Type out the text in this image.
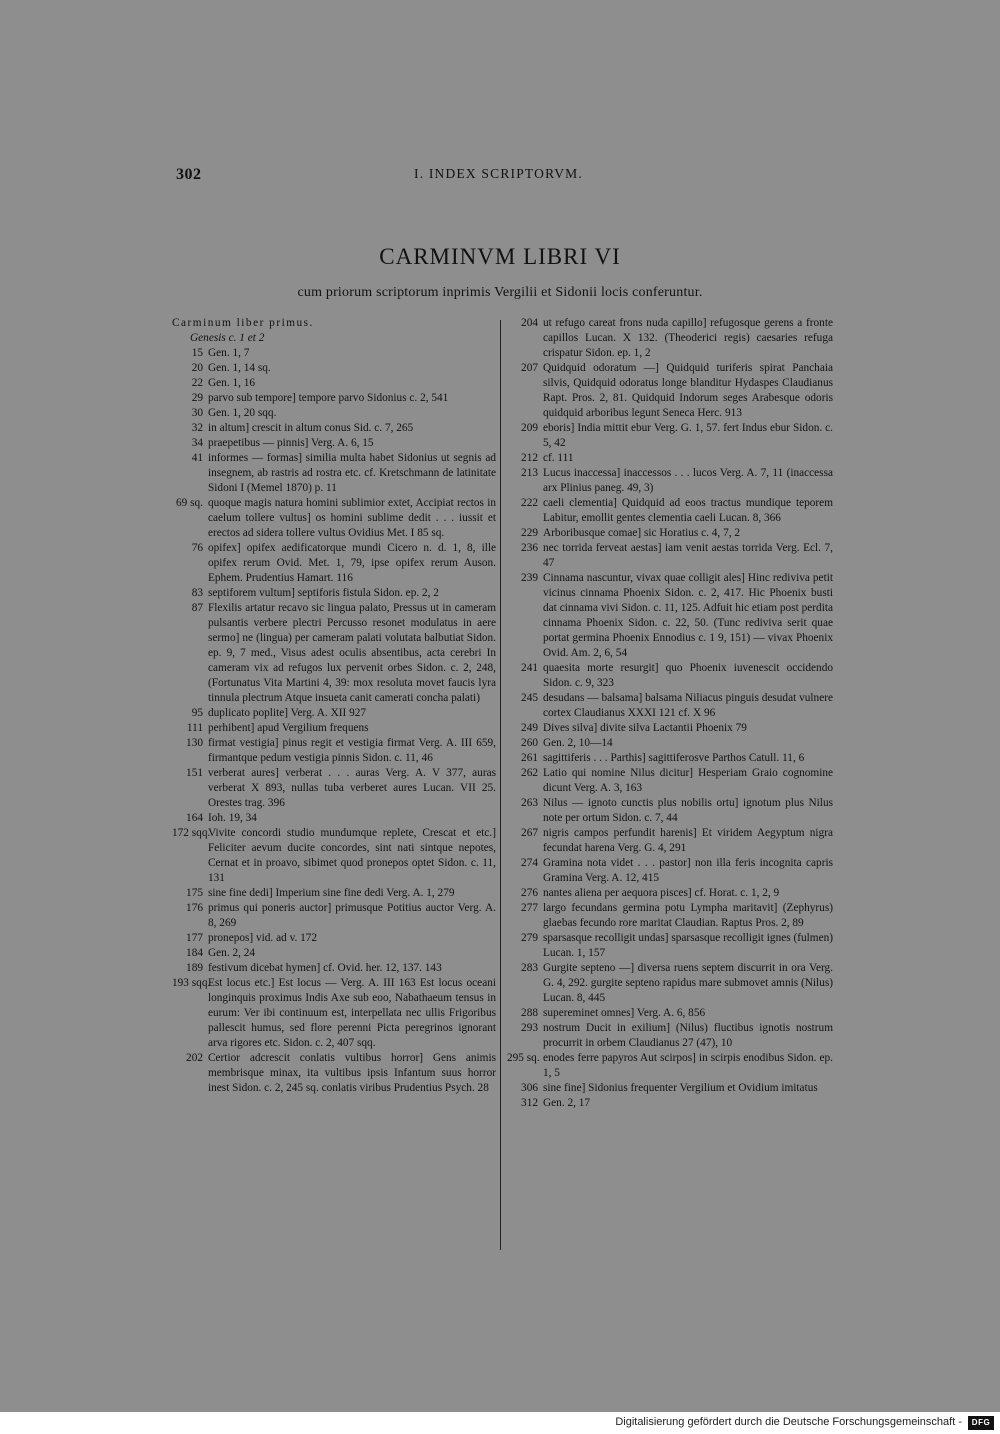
302	I. INDEX SCRIPTORVM.
CARMINVM LIBRI VI
cum priorum scriptorum inprimis Vergilii et Sidonii locis conferuntur.
Carminum liber primus.
Genesis c. 1 et 2
15 Gen. 1, 7
20 Gen. 1, 14 sq.
22 Gen. 1, 16
29 parvo sub tempore] tempore parvo Sidonius c. 2, 541
30 Gen. 1, 20 sqq.
32 in altum] crescit in altum conus Sid. c. 7, 265
34 praepetibus — pinnis] Verg. A. 6, 15
41 informes — formas] similia multa habet Sidonius ut segnis ad insegnem, ab rastris ad rostra etc. cf. Kretschmann de latinitate Sidoni I (Memel 1870) p. 11
69 sq. quoque magis natura homini sublimior extet, Accipiat rectos in caelum tollere vultus] os homini sublime dedit . . . iussit et erectos ad sidera tollere vultus Ovidius Met. I 85 sq.
76 opifex] opifex aedificatorque mundi Cicero n. d. 1, 8, ille opifex rerum Ovid. Met. 1, 79, ipse opifex rerum Auson. Ephem. Prudentius Hamart. 116
83 septiforem vultum] septiforis fistula Sidon. ep. 2, 2
87 Flexilis artatur recavo sic lingua palato, Pressus ut in cameram pulsantis verbere plectri Percusso resonet modulatus in aere sermo] ne (lingua) per cameram palati volutata balbutiat Sidon. ep. 9, 7 med., Visus adest oculis absentibus, acta cerebri In cameram vix ad refugos lux pervenit orbes Sidon. c. 2, 248, (Fortunatus Vita Martini 4, 39: mox resoluta movet faucis lyra tinnula plectrum Atque insueta canit camerati concha palati)
95 duplicato poplite] Verg. A. XII 927
111 perhibent] apud Vergilium frequens
130 firmat vestigia] pinus regit et vestigia firmat Verg. A. III 659, firmantque pedum vestigia pinnis Sidon. c. 11, 46
151 verberat aures] verberat . . . auras Verg. A. V 377, auras verberat X 893, nullas tuba verberet aures Lucan. VII 25. Orestes trag. 396
164 Ioh. 19, 34
172 sqq.
Vivite concordi studio mundumque replete, Crescat et etc.] Feliciter aevum ducite concordes, sint nati sintque nepotes, Cernat et in proavo, sibimet quod pronepos optet Sidon. c. 11, 131
175 sine fine dedi] Imperium sine fine dedi Verg. A. 1, 279
176 primus qui poneris auctor] primusque Potitius auctor Verg. A. 8, 269
177 pronepos] vid. ad v. 172
184 Gen. 2, 24
189 festivum dicebat hymen] cf. Ovid. her. 12, 137. 143
193 sqq.
Est locus etc.] Est locus — Verg. A. III 163 Est locus oceani longinquis proximus Indis Axe sub eoo, Nabathaeum tensus in eurum: Ver ibi continuum est, interpellata nec ullis Frigoribus pallescit humus, sed flore perenni Picta peregrinos ignorant arva rigores etc. Sidon. c. 2, 407 sqq.
202 Certior adcrescit conlatis vultibus horror] Gens animis membrisque minax, ita vultibus ipsis Infantum suus horror inest Sidon. c. 2, 245 sq. conlatis viribus Prudentius Psych. 28
204 ut refugo careat frons nuda capillo] refugosque gerens a fronte capillos Lucan. X 132. (Theoderici regis) caesaries refuga crispatur Sidon. ep. 1, 2
207 Quidquid odoratum —] Quidquid turiferis spirat Panchaia silvis, Quidquid odoratus longe blanditur Hydaspes Claudianus Rapt. Pros. 2, 81. Quidquid Indorum seges Arabesque odoris quidquid arboribus legunt Seneca Herc. 913
209 eboris] India mittit ebur Verg. G. 1, 57. fert Indus ebur Sidon. c. 5, 42
212 cf. 111
213 Lucus inaccessa] inaccessos . . . lucos Verg. A. 7, 11 (inaccessa arx Plinius paneg. 49, 3)
222 caeli clementia] Quidquid ad eoos tractus mundique teporem Labitur, emollit gentes clementia caeli Lucan. 8, 366
229 Arboribusque comae] sic Horatius c. 4, 7, 2
236 nec torrida ferveat aestas] iam venit aestas torrida Verg. Ecl. 7, 47
239 Cinnama nascuntur, vivax quae colligit ales] Hinc rediviva petit vicinus cinnama Phoenix Sidon. c. 2, 417. Hic Phoenix busti dat cinnama vivi Sidon. c. 11, 125. Adfuit hic etiam post perdita cinnama Phoenix Sidon. c. 22, 50. (Tunc rediviva serit quae portat germina Phoenix Ennodius c. 1 9, 151) — vivax Phoenix Ovid. Am. 2, 6, 54
241 quaesita morte resurgit] quo Phoenix iuvenescit occidendo Sidon. c. 9, 323
245 desudans — balsama] balsama Niliacus pinguis desudat vulnere cortex Claudianus XXXI 121 cf. X 96
249 Dives silva] divite silva Lactantii Phoenix 79
260 Gen. 2, 10—14
261 sagittiferis . . . Parthis] sagittiferosve Parthos Catull. 11, 6
262 Latio qui nomine Nilus dicitur] Hesperiam Graio cognomine dicunt Verg. A. 3, 163
263 Nilus — ignoto cunctis plus nobilis ortu] ignotum plus Nilus note per ortum Sidon. c. 7, 44
267 nigris campos perfundit harenis] Et viridem Aegyptum nigra fecundat harena Verg. G. 4, 291
274 Gramina nota videt . . . pastor] non illa feris incognita capris Gramina Verg. A. 12, 415
276 nantes aliena per aequora pisces] cf. Horat. c. 1, 2, 9
277 largo fecundans germina potu Lympha maritavit] (Zephyrus) glaebas fecundo rore maritat Claudian. Raptus Pros. 2, 89
279 sparsasque recolligit undas] sparsasque recolligit ignes (fulmen) Lucan. 1, 157
283 Gurgite septeno —] diversa ruens septem discurrit in ora Verg. G. 4, 292. gurgite septeno rapidus mare submovet amnis (Nilus) Lucan. 8, 445
288 supereminet omnes] Verg. A. 6, 856
293 nostrum Ducit in exilium] (Nilus) fluctibus ignotis nostrum procurrit in orbem Claudianus 27 (47), 10
295 sq. enodes ferre papyros Aut scirpos] in scirpis enodibus Sidon. ep. 1, 5
306 sine fine] Sidonius frequenter Vergilium et Ovidium imitatus
312 Gen. 2, 17
Digitalisierung gefördert durch die Deutsche Forschungsgemeinschaft -	DFG
